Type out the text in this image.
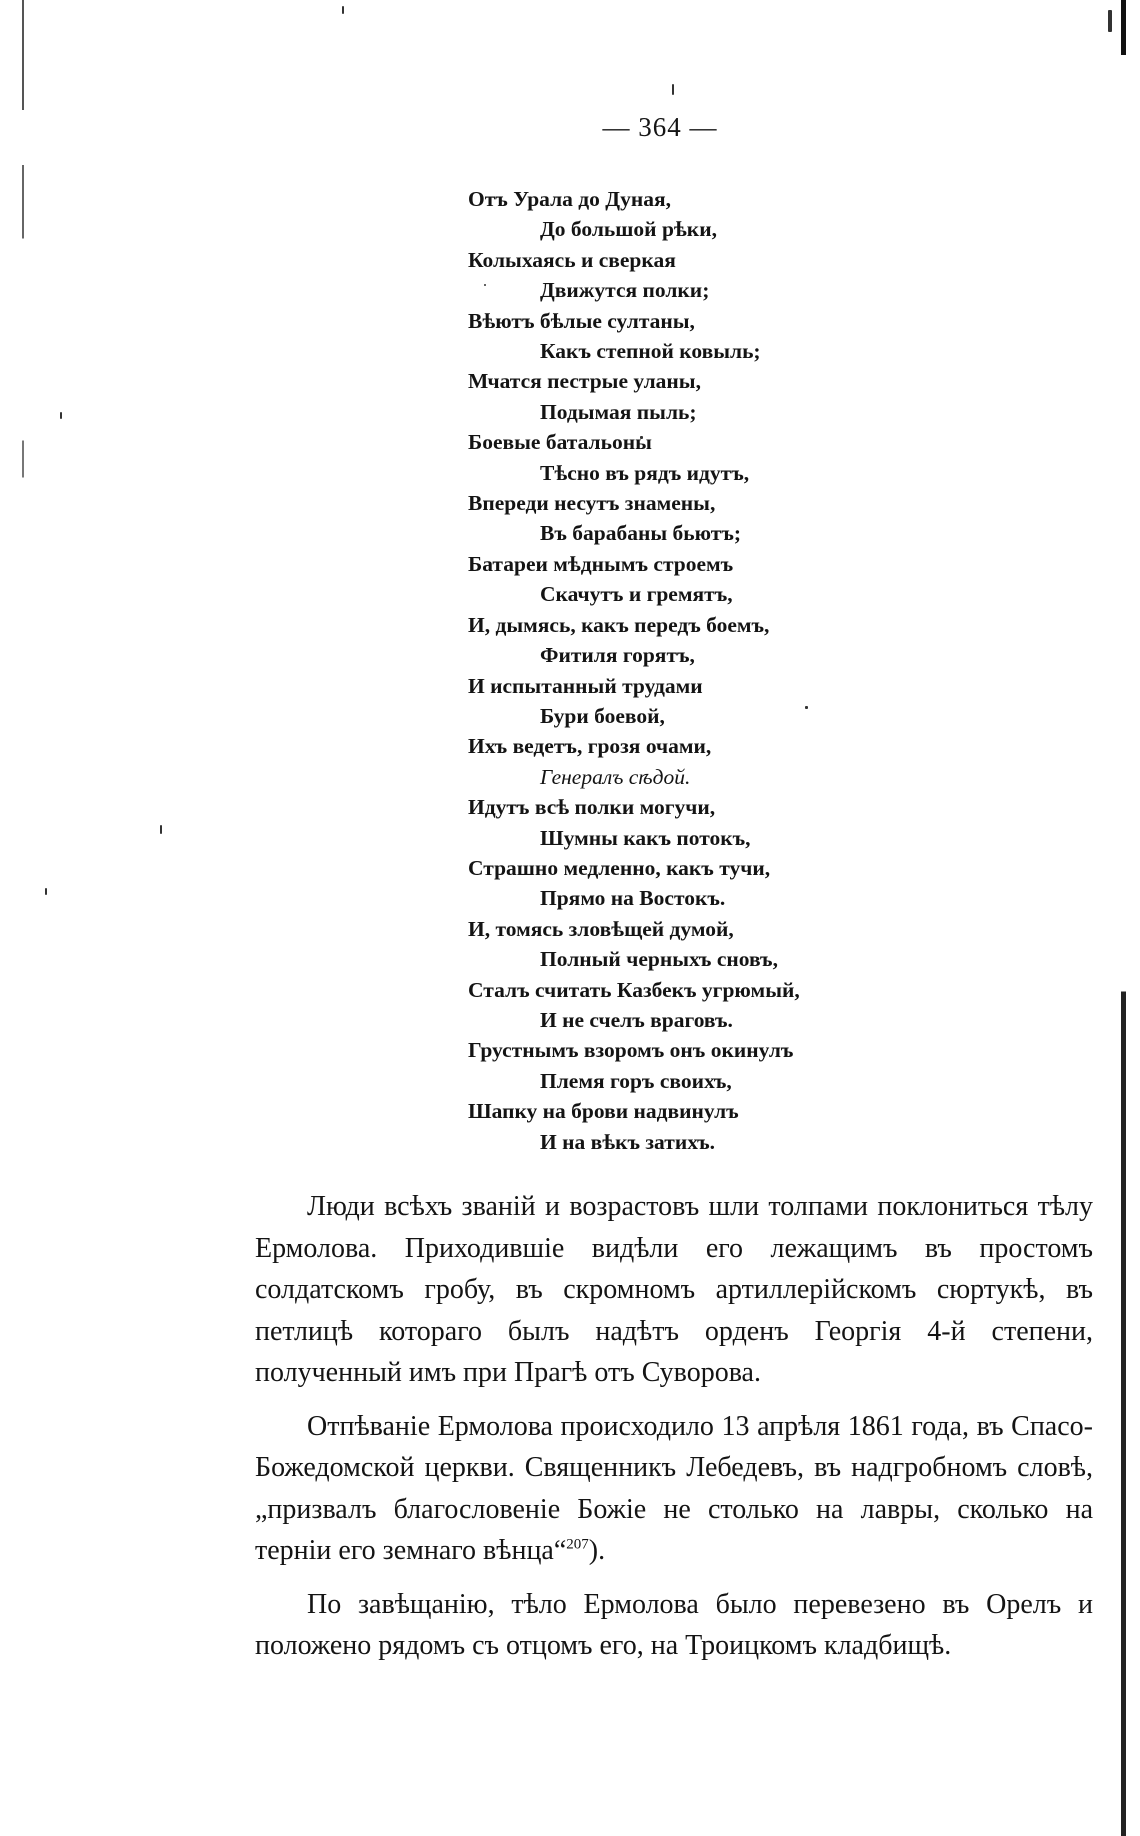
— 364 —
Отъ Урала до Дуная,
До большой рѣки,
Колыхаясь и сверкая
Движутся полки;
Вѣютъ бѣлые султаны,
Какъ степной ковыль;
Мчатся пестрые уланы,
Подымая пыль;
Боевые батальоны
Тѣсно въ рядъ идутъ,
Впереди несутъ знамены,
Въ барабаны бьютъ;
Батареи мѣднымъ строемъ
Скачутъ и гремятъ,
И, дымясь, какъ передъ боемъ,
Фитиля горятъ,
И испытанный трудами
Бури боевой,
Ихъ ведетъ, грозя очами,
Генералъ сѣдой.
Идутъ всѣ полки могучи,
Шумны какъ потокъ,
Страшно медленно, какъ тучи,
Прямо на Востокъ.
И, томясь зловѣщей думой,
Полный черныхъ сновъ,
Сталъ считать Казбекъ угрюмый,
И не счелъ враговъ.
Грустнымъ взоромъ онъ окинулъ
Племя горъ своихъ,
Шапку на брови надвинулъ
И на вѣкъ затихъ.

Люди всѣхъ званій и возрастовъ шли толпами поклониться тѣлу Ермолова. Приходившіе видѣли его лежащимъ въ простомъ солдатскомъ гробу, въ скромномъ артиллерійскомъ сюртукѣ, въ петлицѣ котораго былъ надѣтъ орденъ Георгія 4-й степени, полученный имъ при Прагѣ отъ Суворова.

Отпѣваніе Ермолова происходило 13 апрѣля 1861 года, въ Спасо-Божедомской церкви. Священникъ Лебедевъ, въ надгробномъ словѣ, „призвалъ благословеніе Божіе не столько на лавры, сколько на терніи его земнаго вѣнца“$^{207}$).

По завѣщанію, тѣло Ермолова было перевезено въ Орелъ и положено рядомъ съ отцомъ его, на Троицкомъ кладбищѣ.
